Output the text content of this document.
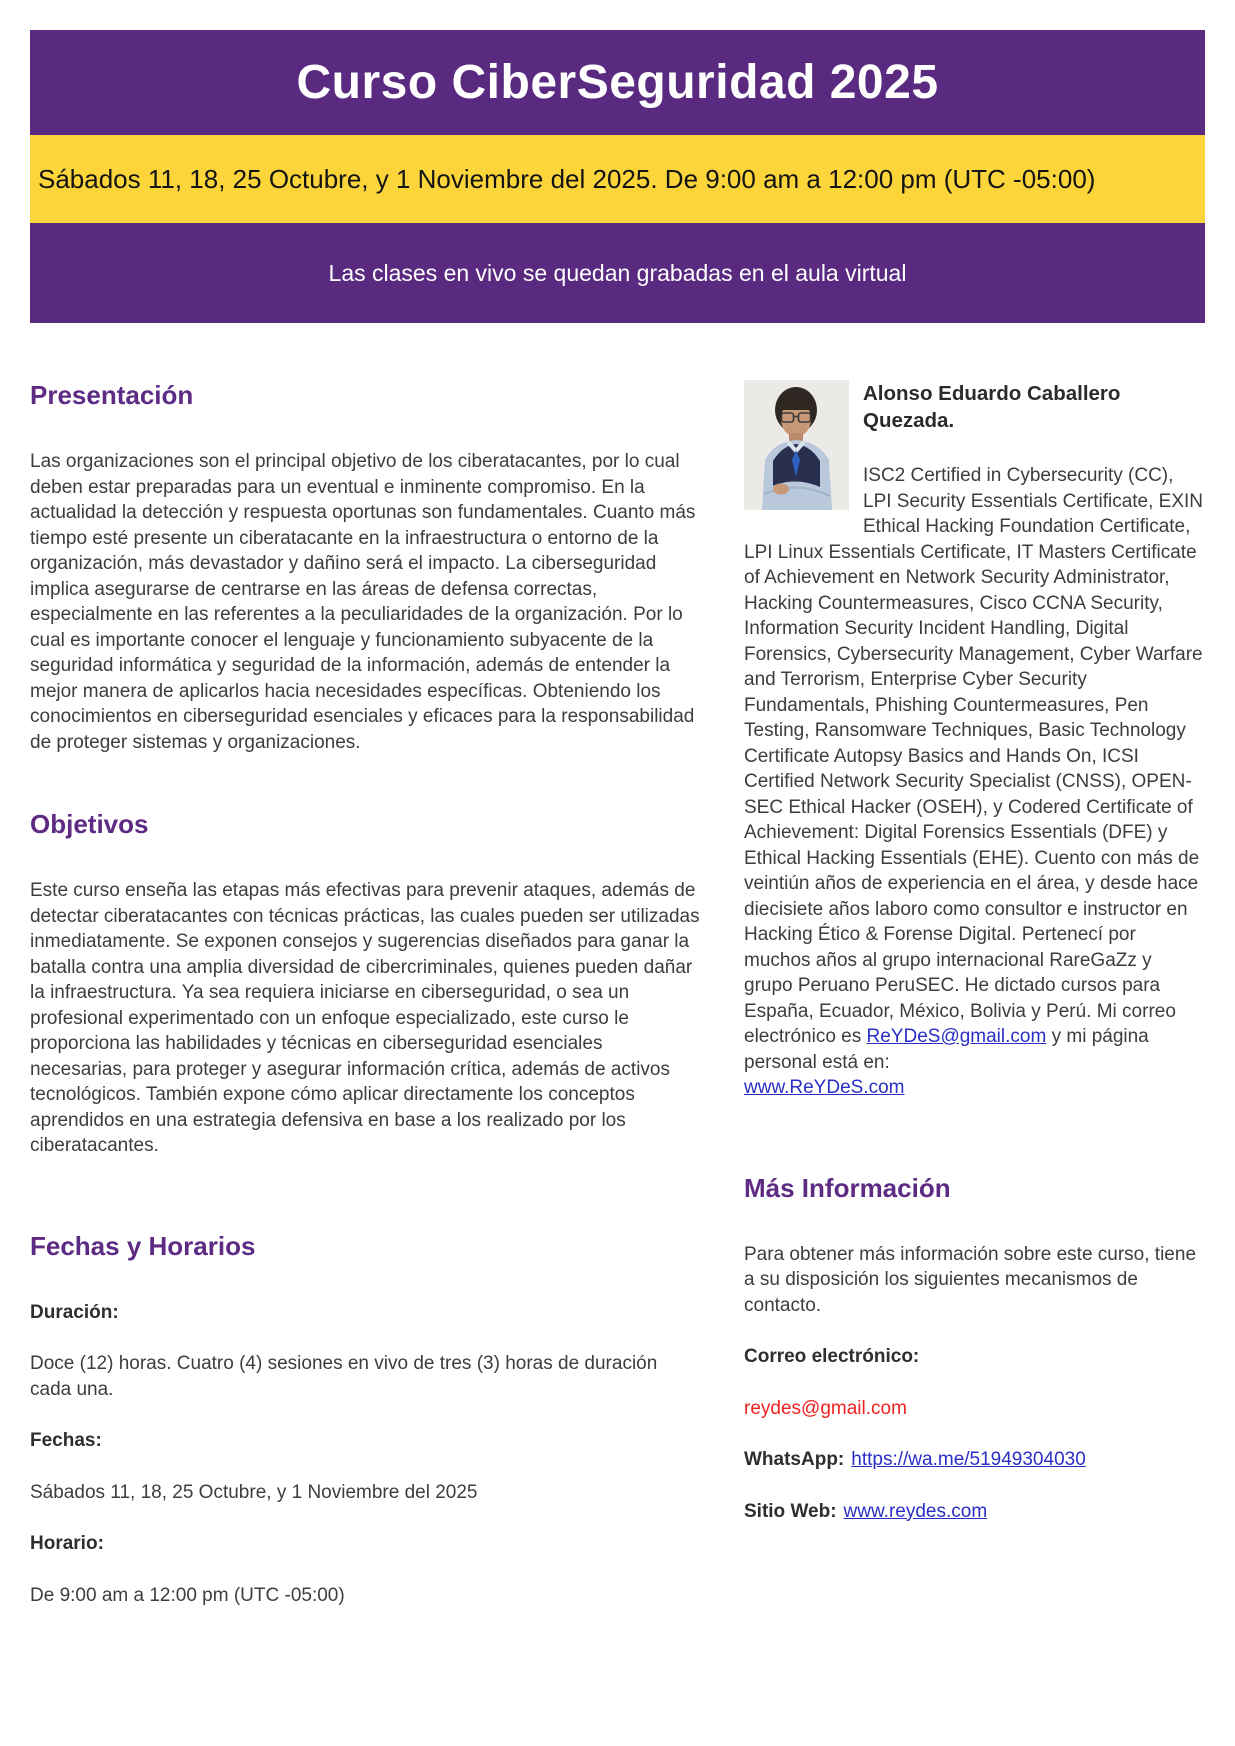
Curso CiberSeguridad 2025
Sábados 11, 18, 25 Octubre, y 1 Noviembre del 2025. De 9:00 am a 12:00 pm (UTC -05:00)
Las clases en vivo se quedan grabadas en el aula virtual
Presentación

Las organizaciones son el principal objetivo de los ciberatacantes, por lo cual deben estar preparadas para un eventual e inminente compromiso. En la actualidad la detección y respuesta oportunas son fundamentales. Cuanto más tiempo esté presente un ciberatacante en la infraestructura o entorno de la organización, más devastador y dañino será el impacto. La ciberseguridad implica asegurarse de centrarse en las áreas de defensa correctas, especialmente en las referentes a la peculiaridades de la organización. Por lo cual es importante conocer el lenguaje y funcionamiento subyacente de la seguridad informática y seguridad de la información, además de entender la mejor manera de aplicarlos hacia necesidades específicas. Obteniendo los conocimientos en ciberseguridad esenciales y eficaces para la responsabilidad de proteger sistemas y organizaciones.

Objetivos

Este curso enseña las etapas más efectivas para prevenir ataques, además de detectar ciberatacantes con técnicas prácticas, las cuales pueden ser utilizadas inmediatamente. Se exponen consejos y sugerencias diseñados para ganar la batalla contra una amplia diversidad de cibercriminales, quienes pueden dañar la infraestructura. Ya sea requiera iniciarse en ciberseguridad, o sea un profesional experimentado con un enfoque especializado, este curso le proporciona las habilidades y técnicas en ciberseguridad esenciales necesarias, para proteger y asegurar información crítica, además de activos tecnológicos. También expone cómo aplicar directamente los conceptos aprendidos en una estrategia defensiva en base a los realizado por los ciberatacantes.

Fechas y Horarios

Duración:

Doce (12) horas. Cuatro (4) sesiones en vivo de tres (3) horas de duración cada una.

Fechas:

Sábados 11, 18, 25 Octubre, y 1 Noviembre del 2025

Horario:

De 9:00 am a 12:00 pm (UTC -05:00)

Alonso Eduardo Caballero Quezada.

ISC2 Certified in Cybersecurity (CC), LPI Security Essentials Certificate, EXIN Ethical Hacking Foundation Certificate, LPI Linux Essentials Certificate, IT Masters Certificate of Achievement en Network Security Administrator, Hacking Countermeasures, Cisco CCNA Security, Information Security Incident Handling, Digital Forensics, Cybersecurity Management, Cyber Warfare and Terrorism, Enterprise Cyber Security Fundamentals, Phishing Countermeasures, Pen Testing, Ransomware Techniques, Basic Technology Certificate Autopsy Basics and Hands On, ICSI Certified Network Security Specialist (CNSS), OPEN-SEC Ethical Hacker (OSEH), y Codered Certificate of Achievement: Digital Forensics Essentials (DFE) y Ethical Hacking Essentials (EHE). Cuento con más de veintiún años de experiencia en el área, y desde hace diecisiete años laboro como consultor e instructor en Hacking Ético & Forense Digital. Pertenecí por muchos años al grupo internacional RareGaZz y grupo Peruano PeruSEC. He dictado cursos para España, Ecuador, México, Bolivia y Perú. Mi correo electrónico es ReYDeS@gmail.com y mi página personal está en:
www.ReYDeS.com

Más Información

Para obtener más información sobre este curso, tiene a su disposición los siguientes mecanismos de contacto.

Correo electrónico:

reydes@gmail.com

WhatsApp: https://wa.me/51949304030

Sitio Web: www.reydes.com
